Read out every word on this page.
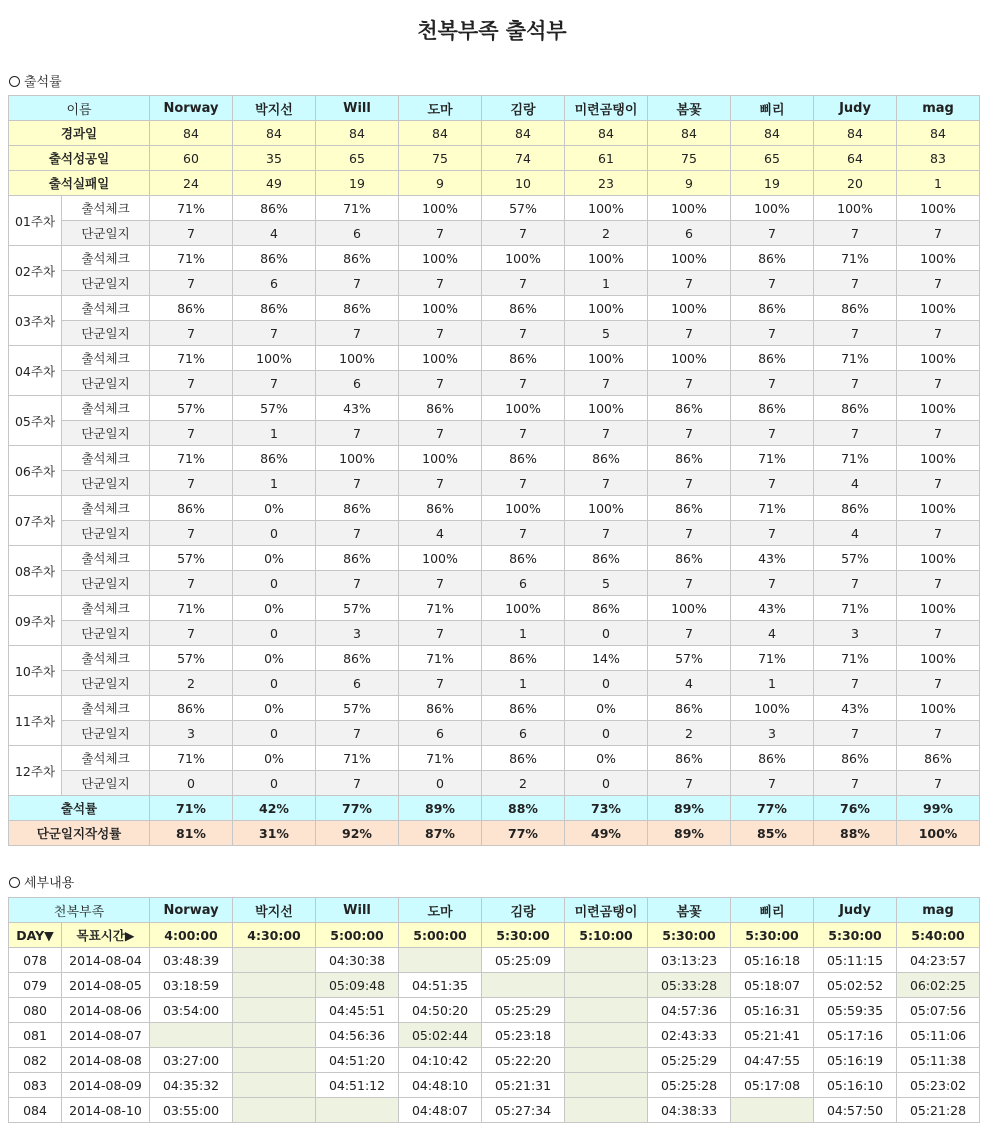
천복부족 출석부
출석률
이름		Norway	박지선	Will	도마	김랑	미련곰탱이	봄꽃	삐리	Judy	mag
경과일		84	84	84	84	84	84	84	84	84	84
출석성공일		60	35	65	75	74	61	75	65	64	83
출석실패일		24	49	19	9	10	23	9	19	20	1
01주차	출석체크	71%	86%	71%	100%	57%	100%	100%	100%	100%	100%
	단군일지	7	4	6	7	7	2	6	7	7	7
02주차	출석체크	71%	86%	86%	100%	100%	100%	100%	86%	71%	100%
	단군일지	7	6	7	7	7	1	7	7	7	7
03주차	출석체크	86%	86%	86%	100%	86%	100%	100%	86%	86%	100%
	단군일지	7	7	7	7	7	5	7	7	7	7
04주차	출석체크	71%	100%	100%	100%	86%	100%	100%	86%	71%	100%
	단군일지	7	7	6	7	7	7	7	7	7	7
05주차	출석체크	57%	57%	43%	86%	100%	100%	86%	86%	86%	100%
	단군일지	7	1	7	7	7	7	7	7	7	7
06주차	출석체크	71%	86%	100%	100%	86%	86%	86%	71%	71%	100%
	단군일지	7	1	7	7	7	7	7	7	4	7
07주차	출석체크	86%	0%	86%	86%	100%	100%	86%	71%	86%	100%
	단군일지	7	0	7	4	7	7	7	7	4	7
08주차	출석체크	57%	0%	86%	100%	86%	86%	86%	43%	57%	100%
	단군일지	7	0	7	7	6	5	7	7	7	7
09주차	출석체크	71%	0%	57%	71%	100%	86%	100%	43%	71%	100%
	단군일지	7	0	3	7	1	0	7	4	3	7
10주차	출석체크	57%	0%	86%	71%	86%	14%	57%	71%	71%	100%
	단군일지	2	0	6	7	1	0	4	1	7	7
11주차	출석체크	86%	0%	57%	86%	86%	0%	86%	100%	43%	100%
	단군일지	3	0	7	6	6	0	2	3	7	7
12주차	출석체크	71%	0%	71%	71%	86%	0%	86%	86%	86%	86%
	단군일지	0	0	7	0	2	0	7	7	7	7
출석률		71%	42%	77%	89%	88%	73%	89%	77%	76%	99%
단군일지작성률		81%	31%	92%	87%	77%	49%	89%	85%	88%	100%
세부내용
천복부족		Norway	박지선	Will	도마	김랑	미련곰탱이	봄꽃	삐리	Judy	mag
DAY▼	목표시간▶	4:00:00	4:30:00	5:00:00	5:00:00	5:30:00	5:10:00	5:30:00	5:30:00	5:30:00	5:40:00
078	2014-08-04	03:48:39		04:30:38		05:25:09		03:13:23	05:16:18	05:11:15	04:23:57
079	2014-08-05	03:18:59		05:09:48	04:51:35			05:33:28	05:18:07	05:02:52	06:02:25
080	2014-08-06	03:54:00		04:45:51	04:50:20	05:25:29		04:57:36	05:16:31	05:59:35	05:07:56
081	2014-08-07			04:56:36	05:02:44	05:23:18		02:43:33	05:21:41	05:17:16	05:11:06
082	2014-08-08	03:27:00		04:51:20	04:10:42	05:22:20		05:25:29	04:47:55	05:16:19	05:11:38
083	2014-08-09	04:35:32		04:51:12	04:48:10	05:21:31		05:25:28	05:17:08	05:16:10	05:23:02
084	2014-08-10	03:55:00			04:48:07	05:27:34		04:38:33		04:57:50	05:21:28
